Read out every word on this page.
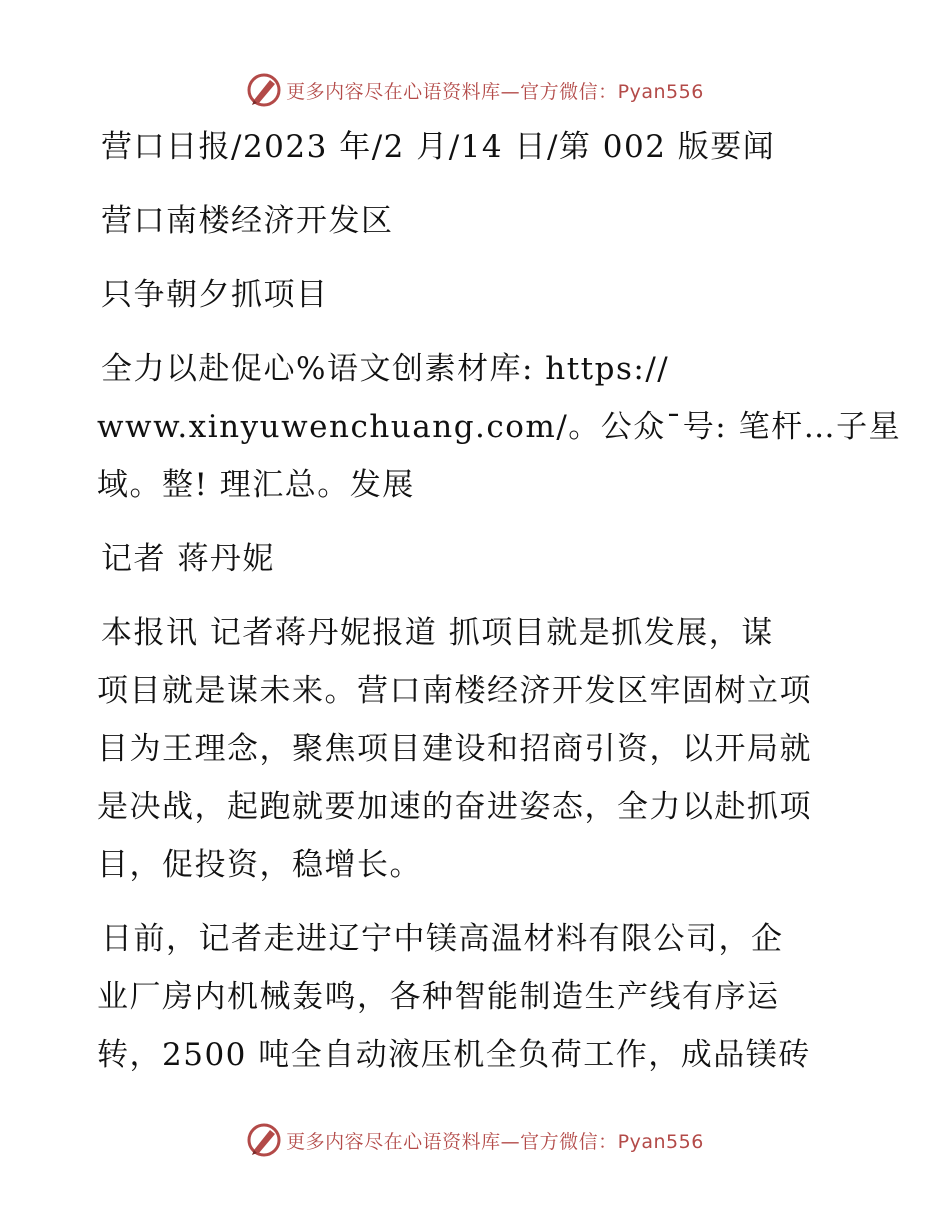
更多内容尽在心语资料库—官方微信：Pyan556
营口日报/2023 年/2 月/14 日/第 002 版要闻
营口南楼经济开发区
只争朝夕抓项目
全力以赴促心%语文创素材库: https://
www.xinyuwenchuang.com/。公众¯号: 笔杆…子星
域。整! 理汇总。发展
记者 蒋丹妮
本报讯 记者蒋丹妮报道 抓项目就是抓发展，谋
项目就是谋未来。营口南楼经济开发区牢固树立项
目为王理念，聚焦项目建设和招商引资，以开局就
是决战，起跑就要加速的奋进姿态，全力以赴抓项
目，促投资，稳增长。
日前，记者走进辽宁中镁高温材料有限公司，企
业厂房内机械轰鸣，各种智能制造生产线有序运
转，2500 吨全自动液压机全负荷工作，成品镁砖
更多内容尽在心语资料库—官方微信：Pyan556
